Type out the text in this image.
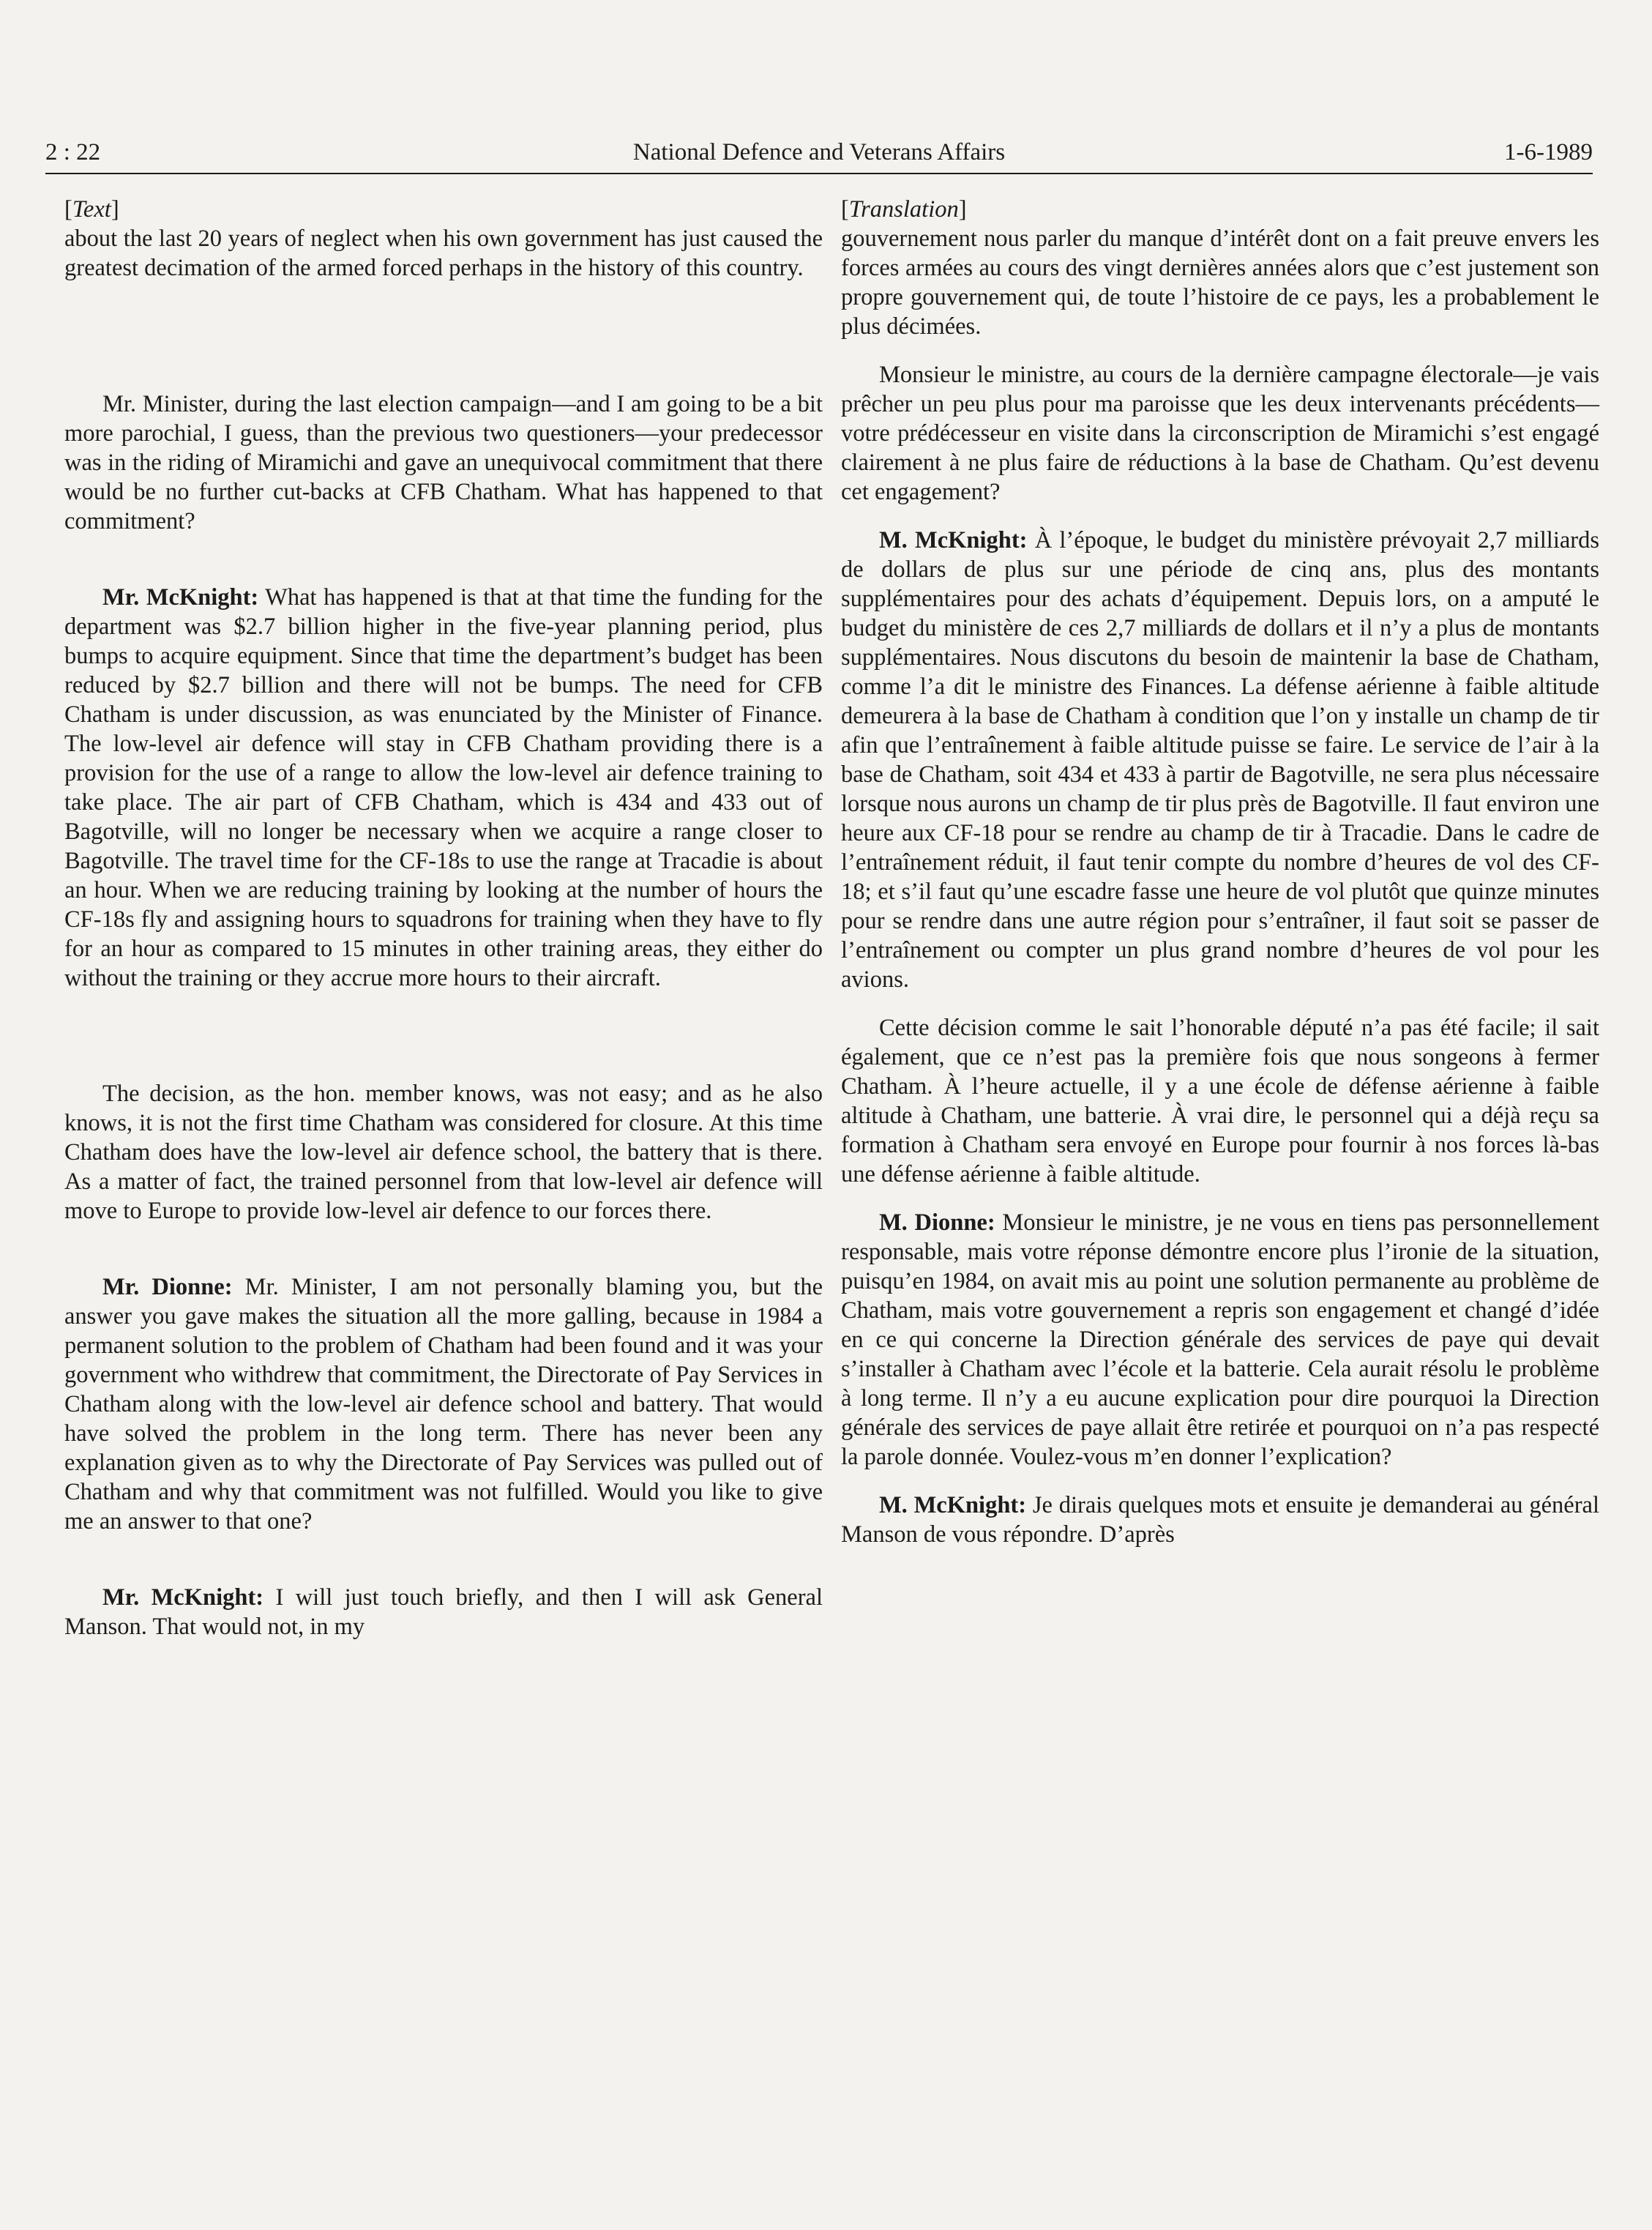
2 : 22	National Defence and Veterans Affairs	1-6-1989
[Text]

about the last 20 years of neglect when his own government has just caused the greatest decimation of the armed forced perhaps in the history of this country.

Mr. Minister, during the last election campaign—and I am going to be a bit more parochial, I guess, than the previous two questioners—your predecessor was in the riding of Miramichi and gave an unequivocal commitment that there would be no further cut-backs at CFB Chatham. What has happened to that commitment?

Mr. McKnight: What has happened is that at that time the funding for the department was $2.7 billion higher in the five-year planning period, plus bumps to acquire equipment. Since that time the department’s budget has been reduced by $2.7 billion and there will not be bumps. The need for CFB Chatham is under discussion, as was enunciated by the Minister of Finance. The low-level air defence will stay in CFB Chatham providing there is a provision for the use of a range to allow the low-level air defence training to take place. The air part of CFB Chatham, which is 434 and 433 out of Bagotville, will no longer be necessary when we acquire a range closer to Bagotville. The travel time for the CF-18s to use the range at Tracadie is about an hour. When we are reducing training by looking at the number of hours the CF-18s fly and assigning hours to squadrons for training when they have to fly for an hour as compared to 15 minutes in other training areas, they either do without the training or they accrue more hours to their aircraft.

The decision, as the hon. member knows, was not easy; and as he also knows, it is not the first time Chatham was considered for closure. At this time Chatham does have the low-level air defence school, the battery that is there. As a matter of fact, the trained personnel from that low-level air defence will move to Europe to provide low-level air defence to our forces there.

Mr. Dionne: Mr. Minister, I am not personally blaming you, but the answer you gave makes the situation all the more galling, because in 1984 a permanent solution to the problem of Chatham had been found and it was your government who withdrew that commitment, the Directorate of Pay Services in Chatham along with the low-level air defence school and battery. That would have solved the problem in the long term. There has never been any explanation given as to why the Directorate of Pay Services was pulled out of Chatham and why that commitment was not fulfilled. Would you like to give me an answer to that one?

Mr. McKnight: I will just touch briefly, and then I will ask General Manson. That would not, in my

[Translation]

gouvernement nous parler du manque d’intérêt dont on a fait preuve envers les forces armées au cours des vingt dernières années alors que c’est justement son propre gouvernement qui, de toute l’histoire de ce pays, les a probablement le plus décimées.

Monsieur le ministre, au cours de la dernière campagne électorale—je vais prêcher un peu plus pour ma paroisse que les deux intervenants précédents—votre prédécesseur en visite dans la circonscription de Miramichi s’est engagé clairement à ne plus faire de réductions à la base de Chatham. Qu’est devenu cet engagement?

M. McKnight: À l’époque, le budget du ministère prévoyait 2,7 milliards de dollars de plus sur une période de cinq ans, plus des montants supplémentaires pour des achats d’équipement. Depuis lors, on a amputé le budget du ministère de ces 2,7 milliards de dollars et il n’y a plus de montants supplémentaires. Nous discutons du besoin de maintenir la base de Chatham, comme l’a dit le ministre des Finances. La défense aérienne à faible altitude demeurera à la base de Chatham à condition que l’on y installe un champ de tir afin que l’entraînement à faible altitude puisse se faire. Le service de l’air à la base de Chatham, soit 434 et 433 à partir de Bagotville, ne sera plus nécessaire lorsque nous aurons un champ de tir plus près de Bagotville. Il faut environ une heure aux CF-18 pour se rendre au champ de tir à Tracadie. Dans le cadre de l’entraînement réduit, il faut tenir compte du nombre d’heures de vol des CF-18; et s’il faut qu’une escadre fasse une heure de vol plutôt que quinze minutes pour se rendre dans une autre région pour s’entraîner, il faut soit se passer de l’entraînement ou compter un plus grand nombre d’heures de vol pour les avions.

Cette décision comme le sait l’honorable député n’a pas été facile; il sait également, que ce n’est pas la première fois que nous songeons à fermer Chatham. À l’heure actuelle, il y a une école de défense aérienne à faible altitude à Chatham, une batterie. À vrai dire, le personnel qui a déjà reçu sa formation à Chatham sera envoyé en Europe pour fournir à nos forces là-bas une défense aérienne à faible altitude.

M. Dionne: Monsieur le ministre, je ne vous en tiens pas personnellement responsable, mais votre réponse démontre encore plus l’ironie de la situation, puisqu’en 1984, on avait mis au point une solution permanente au problème de Chatham, mais votre gouvernement a repris son engagement et changé d’idée en ce qui concerne la Direction générale des services de paye qui devait s’installer à Chatham avec l’école et la batterie. Cela aurait résolu le problème à long terme. Il n’y a eu aucune explication pour dire pourquoi la Direction générale des services de paye allait être retirée et pourquoi on n’a pas respecté la parole donnée. Voulez-vous m’en donner l’explication?

M. McKnight: Je dirais quelques mots et ensuite je demanderai au général Manson de vous répondre. D’après
